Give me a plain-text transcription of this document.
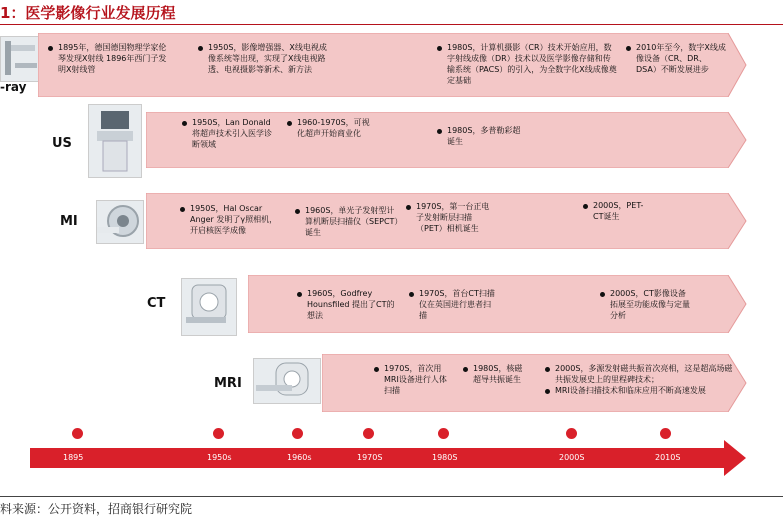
1：医学影像行业发展历程
-ray
1895年，德国德国物理学家伦琴发现X射线 1896年西门子发明X射线管
1950S，影像增强器、X线电视成像系统等出现，实现了X线电视路透、电视摄影等新术、新方法
1980S，计算机摄影（CR）技术开始应用，数字射线成像（DR）技术以及医学影像存储和传输系统（PACS）的引入，为全数字化X线成像奠定基础
2010年至今，数字X线成像设备（CR、DR、DSA）不断发展进步
US
1950S，Lan Donald将超声技术引入医学诊断领域
1960-1970S，可视化超声开始商业化	1980S，多普勒彩超诞生
MI
1950S，Hal Oscar Anger 发明了γ照相机，开启核医学成像
1960S，单光子发射型计算机断层扫描仪（SEPCT）诞生
1970S，第一台正电子发射断层扫描（PET）相机诞生
2000S，PET-CT诞生
CT
1960S，Godfrey Hounsfiled 提出了CT的想法
1970S，首台CT扫描仪在英国进行患者扫描
2000S，CT影像设备拓展至功能成像与定量分析
MRI
1970S，首次用MRI设备进行人体扫描
1980S，核磁超导共振诞生
2000S，多源发射磁共振首次亮相，这是超高场磁共振发展史上的里程碑技术；
MRI设备扫描技术和临床应用不断高速发展
1895	1950s	1960s	1970S	1980S	2000S	2010S
料来源：公开资料，招商银行研究院
